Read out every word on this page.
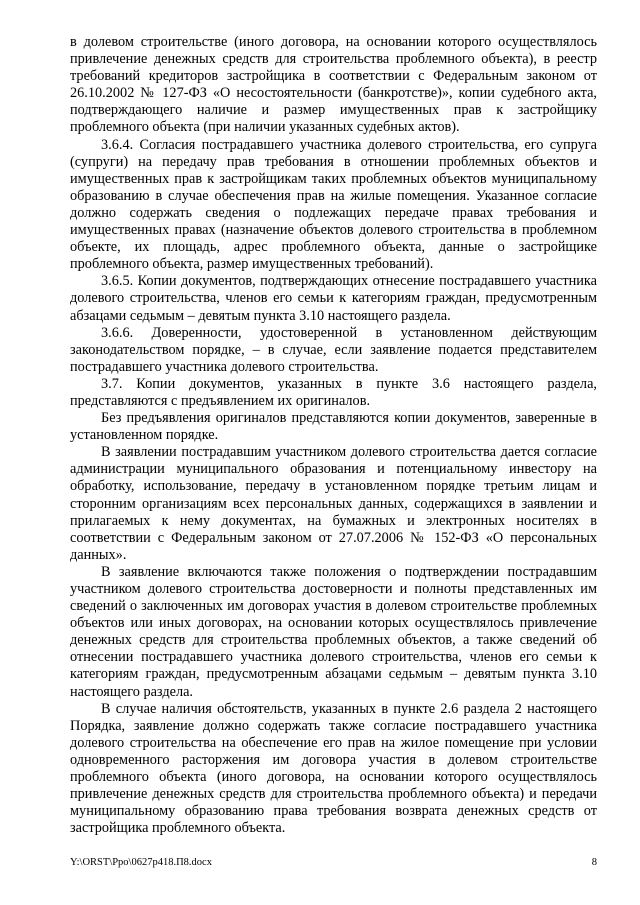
в долевом строительстве (иного договора, на основании которого осуществлялось привлечение денежных средств для строительства проблемного объекта), в реестр требований кредиторов застройщика в соответствии с Федеральным законом от 26.10.2002 № 127-ФЗ «О несостоятельности (банкротстве)», копии судебного акта, подтверждающего наличие и размер имущественных прав к застройщику проблемного объекта (при наличии указанных судебных актов).

3.6.4. Согласия пострадавшего участника долевого строительства, его супруга (супруги) на передачу прав требования в отношении проблемных объектов и имущественных прав к застройщикам таких проблемных объектов муниципальному образованию в случае обеспечения прав на жилые помещения. Указанное согласие должно содержать сведения о подлежащих передаче правах требования и имущественных правах (назначение объектов долевого строительства в проблемном объекте, их площадь, адрес проблемного объекта, данные о застройщике проблемного объекта, размер имущественных требований).

3.6.5. Копии документов, подтверждающих отнесение пострадавшего участника долевого строительства, членов его семьи к категориям граждан, предусмотренным абзацами седьмым – девятым пункта 3.10 настоящего раздела.

3.6.6. Доверенности, удостоверенной в установленном действующим законодательством порядке, – в случае, если заявление подается представителем пострадавшего участника долевого строительства.

3.7. Копии документов, указанных в пункте 3.6 настоящего раздела, представляются с предъявлением их оригиналов.

Без предъявления оригиналов представляются копии документов, заверенные в установленном порядке.

В заявлении пострадавшим участником долевого строительства дается согласие администрации муниципального образования и потенциальному инвестору на обработку, использование, передачу в установленном порядке третьим лицам и сторонним организациям всех персональных данных, содержащихся в заявлении и прилагаемых к нему документах, на бумажных и электронных носителях в соответствии с Федеральным законом от 27.07.2006 № 152-ФЗ «О персональных данных».

В заявление включаются также положения о подтверждении пострадавшим участником долевого строительства достоверности и полноты представленных им сведений о заключенных им договорах участия в долевом строительстве проблемных объектов или иных договорах, на основании которых осуществлялось привлечение денежных средств для строительства проблемных объектов, а также сведений об отнесении пострадавшего участника долевого строительства, членов его семьи к категориям граждан, предусмотренным абзацами седьмым – девятым пункта 3.10 настоящего раздела.

В случае наличия обстоятельств, указанных в пункте 2.6 раздела 2 настоящего Порядка, заявление должно содержать также согласие пострадавшего участника долевого строительства на обеспечение его прав на жилое помещение при условии одновременного расторжения им договора участия в долевом строительстве проблемного объекта (иного договора, на основании которого осуществлялось привлечение денежных средств для строительства проблемного объекта) и передачи муниципальному образованию права требования возврата денежных средств от застройщика проблемного объекта.

Y:\ORST\Ppo\0627p418.П8.docx	8
